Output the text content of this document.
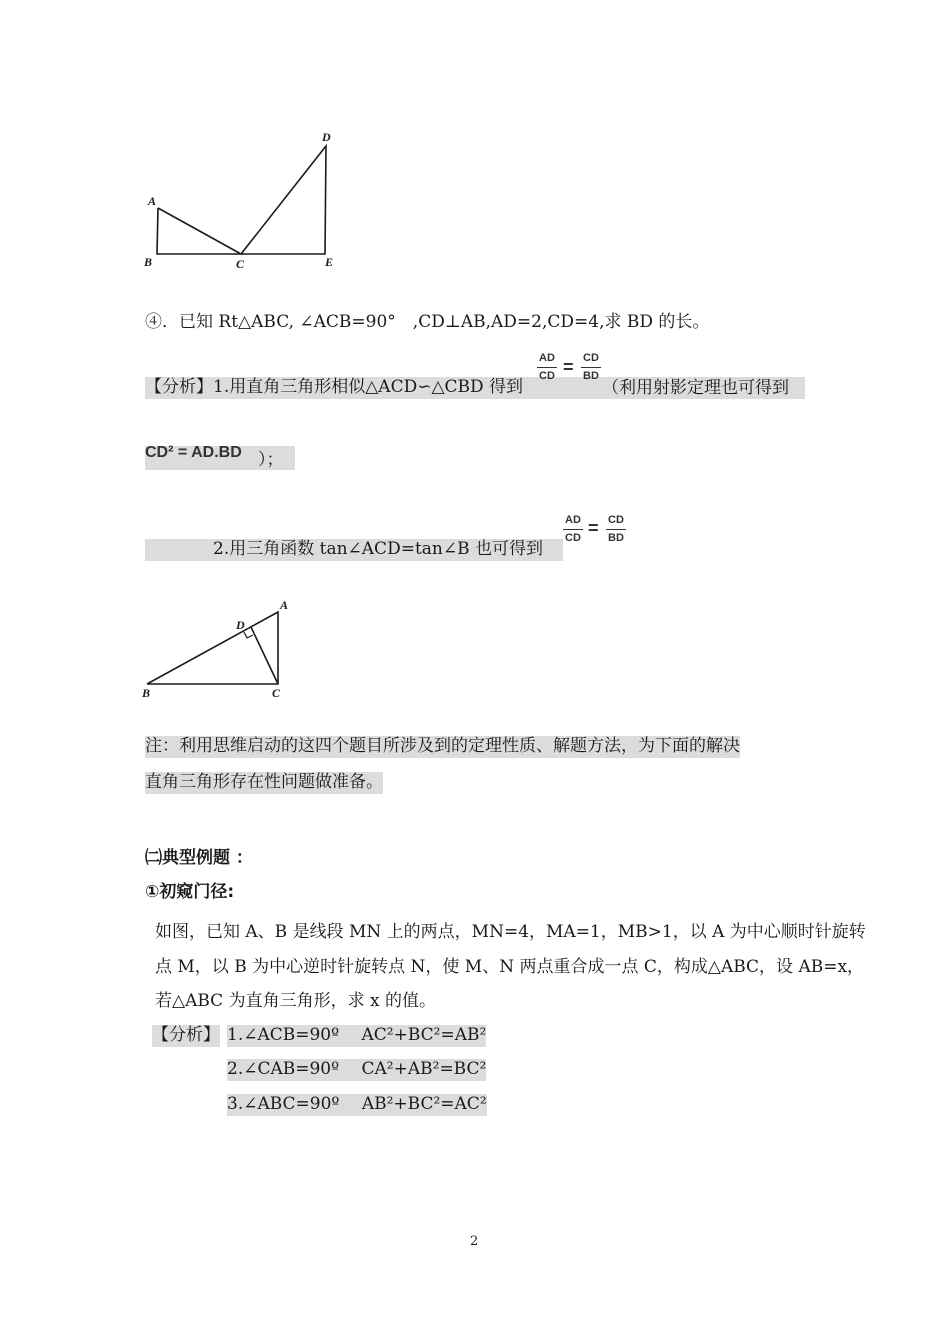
A
B	C
D
E
④．已知 Rt△ABC, ∠ACB=90°　,CD⊥AB,AD=2,CD=4,求 BD 的长。
【分析】1.用直角三角形相似△ACD∽△CBD 得到
AD
CD = CD
BD
（利用射影定理也可得到
CD² = AD.BD ）；
　　　　2.用三角函数 tan∠ACD=tan∠B 也可得到
AD
CD = CD
BD
A
B	C
D
注：利用思维启动的这四个题目所涉及到的定理性质、解题方法，为下面的解决
直角三角形存在性问题做准备。
㈡典型例题 ：
①初窥门径:
如图，已知 A、B 是线段 MN 上的两点，MN=4，MA=1，MB>1，以 A 为中心顺时针旋转
点 M，以 B 为中心逆时针旋转点 N，使 M、N 两点重合成一点 C，构成△ABC，设 AB=x，
若△ABC 为直角三角形，求 x 的值。
【分析】 1.∠ACB=90º　 AC²+BC²=AB²
2.∠CAB=90º　 CA²+AB²=BC²
3.∠ABC=90º　 AB²+BC²=AC²
2
